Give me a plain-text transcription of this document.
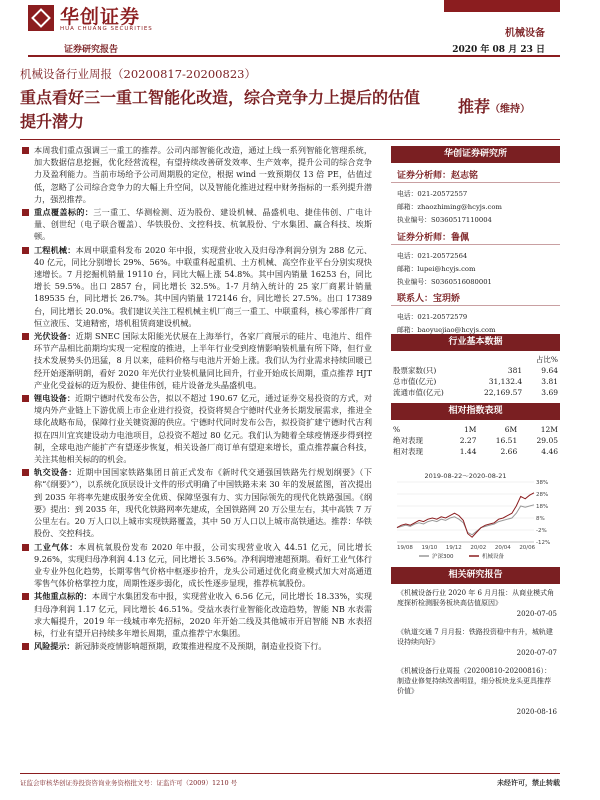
华创证券
HUA CHUANG SECURITIES	机械设备
证券研究报告	2020 年 08 月 23 日
机械设备行业周报（20200817-20200823）
重点看好三一重工智能化改造，综合竞争力上提后的估值提升潜力
推荐（维持）

本周我们重点强调三一重工的推荐。公司内部智能化改造，通过上线一系列智能化管理系统，加大数据信息挖掘，优化经营流程，有望持续改善研发效率、生产效率，提升公司的综合竞争力及盈利能力。当前市场给予公司周期股的定位，根据 wind 一致预期仅 13 倍 PE，估值过低，忽略了公司综合竞争力的大幅上升空间，以及智能化推进过程中财务指标的一系列提升潜力，强烈推荐。

重点覆盖标的：三一重工、华测检测、迈为股份、建设机械、晶盛机电、捷佳伟创、广电计量、创世纪（电子联合覆盖）、华铁股份、文控科技、杭氧股份、宁水集团、赢合科技、埃斯顿。

工程机械：本周中联重科发布 2020 年中报，实现营业收入及归母净利润分别为 288 亿元、40 亿元，同比分别增长 29%、56%。中联重科起重机、土方机械、高空作业平台分别实现快速增长。7 月挖掘机销量 19110 台，同比大幅上涨 54.8%。其中国内销量 16253 台，同比增长 59.5%。出口 2857 台，同比增长 32.5%。1-7 月纳入统计的 25 家厂商累计销量 189535 台，同比增长 26.7%。其中国内销量 172146 台，同比增长 27.5%。出口 17389 台，同比增长 20.0%。我们建议关注工程机械主机厂商三一重工、中联重科，核心零部件厂商恒立液压、艾迪精密，塔机租赁商建设机械。

光伏设备：近期 SNEC 国际太阳能光伏展在上海举行，各家厂商展示的硅片、电池片、组件环节产品相比前期均实现一定程度的推进，上半年行业受到疫情影响装机量有所下降，但行业技术发展势头仍迅猛，8 月以来，硅料价格与电池片开始上涨。我们认为行业需求持续回暖已经开始逐渐明朗，看好 2020 年光伏行业装机量同比回升，行业开始成长周期，重点推荐 HJT 产业化受益标的迈为股份、捷佳伟创，硅片设备龙头晶盛机电。

锂电设备：近期宁德时代发布公告，拟以不超过 190.67 亿元，通过证券交易投资的方式，对境内外产业链上下游优质上市企业进行投资，投资将契合宁德时代业务长期发展需求，推进全球化战略布局，保障行业关键资源的供应。宁德时代同时发布公告，拟投资扩建宁德时代吉利拟在四川宜宾建设动力电池项目，总投资不超过 80 亿元。我们认为随着全球疫情逐步得到控制，全球电池产能扩产有望逐步恢复，相关设备厂商订单有望迎来增长，重点推荐赢合科技，关注其他相关标的的机会。

轨交设备：近期中国国家铁路集团日前正式发布《新时代交通强国铁路先行规划纲要》（下称“《纲要》”），以系统化顶层设计文件的形式明确了中国铁路未来 30 年的发展蓝图，首次提出到 2035 年将率先建成服务安全优质、保障坚强有力、实力国际领先的现代化铁路强国。《纲要》提出：到 2035 年，现代化铁路网率先建成，全国铁路网 20 万公里左右，其中高铁 7 万公里左右。20 万人口以上城市实现铁路覆盖，其中 50 万人口以上城市高铁通达。推荐：华铁股份、交控科技。

工业气体：本周杭氧股份发布 2020 年中报，公司实现营业收入 44.51 亿元，同比增长 9.26%，实现归母净利润 4.13 亿元，同比增长 3.56%。净利润增速超预期。看好工业气体行业专业外包化趋势，长期零售气价格中枢逐步抬升，龙头公司通过优化商业模式加大对高通道零售气体价格掌控力度，周期性逐步弱化，成长性逐步显现，推荐杭氧股份。

其他重点标的：本周宁水集团发布中报，实现营业收入 6.56 亿元，同比增长 18.33%，实现归母净利润 1.17 亿元，同比增长 46.51%。受益水表行业智能化改造趋势，智能 NB 水表需求大幅提升，2019 年一线城市率先招标，2020 年开始二线及其他城市开启智能 NB 水表招标，行业有望开启持续多年增长周期，重点推荐宁水集团。

风险提示：新冠肺炎疫情影响超预期，政策推进程度不及预期，制造业投资下行。

华创证券研究所
证券分析师：赵志铭
电话：021-20572557
邮箱：zhaozhiming@hcyjs.com
执业编号：S0360517110004
证券分析师：鲁佩
电话：021-20572564
邮箱：lupei@hcyjs.com
执业编号：S0360516080001
联系人：宝玥娇
电话：021-20572579
邮箱：baoyuejiao@hcyjs.com
行业基本数据
		占比%
股票家数(只)	381	9.64
总市值(亿元)	31,132.4	3.81
流通市值(亿元)	22,169.57	3.69
相对指数表现
%	1M	6M	12M
绝对表现	2.27	16.51	29.05
相对表现	1.44	2.66	4.46
2019-08-22～2020-08-21
38%
28%
18%
8%
-2%
-12%
19/08 19/10 19/12 20/02 20/04 20/06
沪深300	机械设备
相关研究报告
《机械设备行业 2020 年 6 月月报：从商业模式角度探析检测服务板块高估值原因》
2020-07-05
《轨道交通 7 月月报：铁路投资稳中有升，城轨建设持续向好》
2020-07-07
《机械设备行业周报（20200810-20200816）：制造业修复持续改善明显，细分板块龙头更具推荐价值》
2020-08-16
证监会审核华创证券投资咨询业务资格批文号：证监许可（2009）1210 号	未经许可，禁止转载
